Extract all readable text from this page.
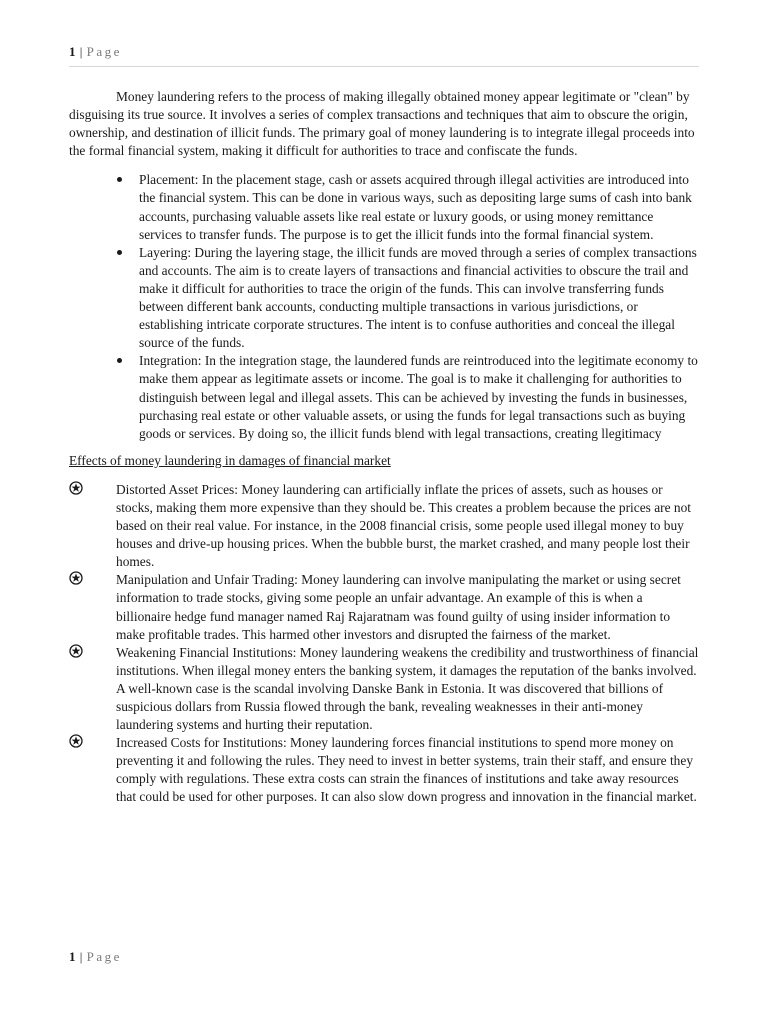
1 | Page

Money laundering refers to the process of making illegally obtained money appear legitimate or "clean" by disguising its true source. It involves a series of complex transactions and techniques that aim to obscure the origin, ownership, and destination of illicit funds. The primary goal of money laundering is to integrate illegal proceeds into the formal financial system, making it difficult for authorities to trace and confiscate the funds.

Placement: In the placement stage, cash or assets acquired through illegal activities are introduced into the financial system. This can be done in various ways, such as depositing large sums of cash into bank accounts, purchasing valuable assets like real estate or luxury goods, or using money remittance services to transfer funds. The purpose is to get the illicit funds into the formal financial system.
Layering: During the layering stage, the illicit funds are moved through a series of complex transactions and accounts. The aim is to create layers of transactions and financial activities to obscure the trail and make it difficult for authorities to trace the origin of the funds. This can involve transferring funds between different bank accounts, conducting multiple transactions in various jurisdictions, or establishing intricate corporate structures. The intent is to confuse authorities and conceal the illegal source of the funds.
Integration: In the integration stage, the laundered funds are reintroduced into the legitimate economy to make them appear as legitimate assets or income. The goal is to make it challenging for authorities to distinguish between legal and illegal assets. This can be achieved by investing the funds in businesses, purchasing real estate or other valuable assets, or using the funds for legal transactions such as buying goods or services. By doing so, the illicit funds blend with legal transactions, creating llegitimacy
Effects of money laundering in damages of financial market
Distorted Asset Prices: Money laundering can artificially inflate the prices of assets, such as houses or stocks, making them more expensive than they should be. This creates a problem because the prices are not based on their real value. For instance, in the 2008 financial crisis, some people used illegal money to buy houses and drive-up housing prices. When the bubble burst, the market crashed, and many people lost their homes.
Manipulation and Unfair Trading: Money laundering can involve manipulating the market or using secret information to trade stocks, giving some people an unfair advantage. An example of this is when a billionaire hedge fund manager named Raj Rajaratnam was found guilty of using insider information to make profitable trades. This harmed other investors and disrupted the fairness of the market.
Weakening Financial Institutions: Money laundering weakens the credibility and trustworthiness of financial institutions. When illegal money enters the banking system, it damages the reputation of the banks involved. A well-known case is the scandal involving Danske Bank in Estonia. It was discovered that billions of suspicious dollars from Russia flowed through the bank, revealing weaknesses in their anti-money laundering systems and hurting their reputation.
Increased Costs for Institutions: Money laundering forces financial institutions to spend more money on preventing it and following the rules. They need to invest in better systems, train their staff, and ensure they comply with regulations. These extra costs can strain the finances of institutions and take away resources that could be used for other purposes. It can also slow down progress and innovation in the financial market.
1 | Page
